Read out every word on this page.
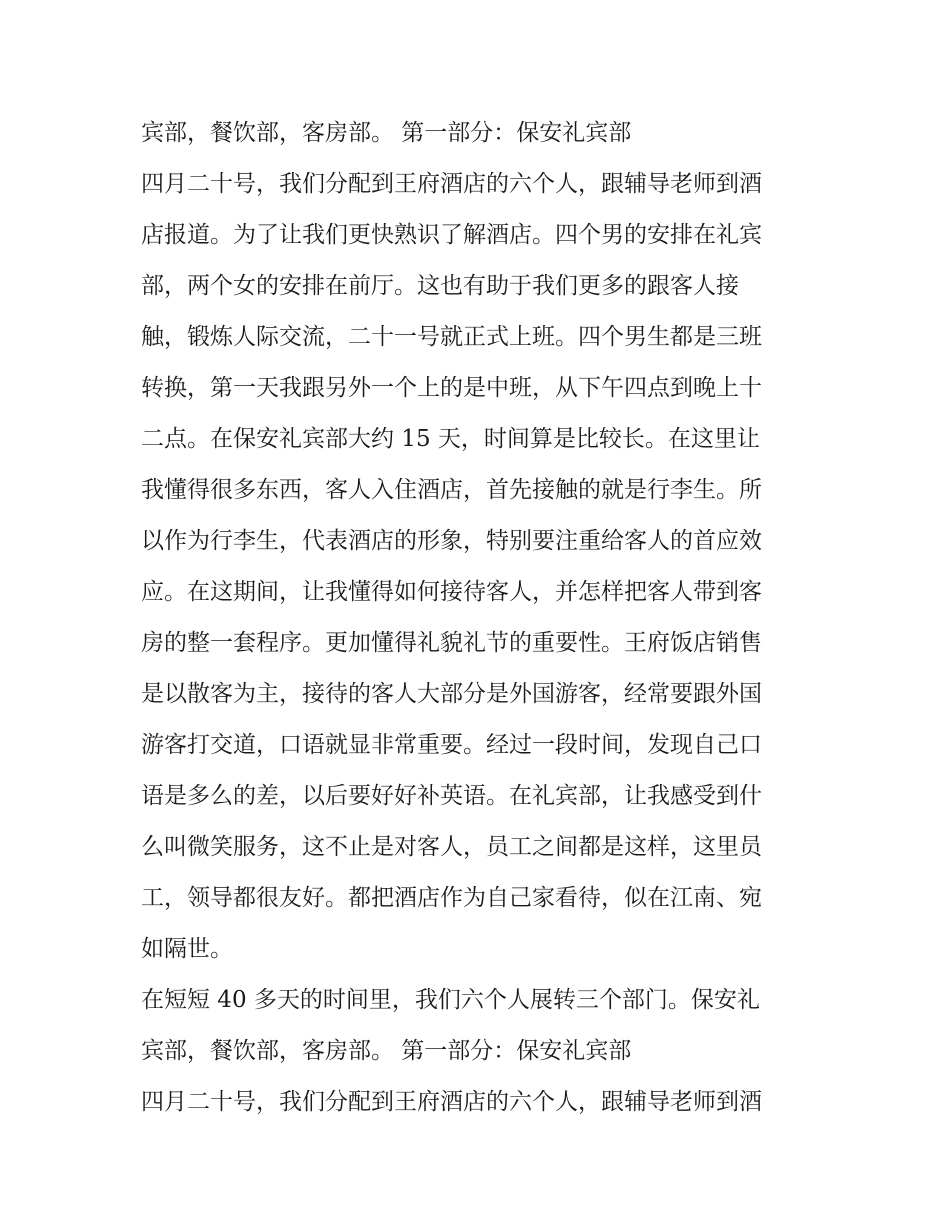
宾部，餐饮部，客房部。 第一部分：保安礼宾部
四月二十号，我们分配到王府酒店的六个人，跟辅导老师到酒
店报道。为了让我们更快熟识了解酒店。四个男的安排在礼宾
部，两个女的安排在前厅。这也有助于我们更多的跟客人接
触，锻炼人际交流，二十一号就正式上班。四个男生都是三班
转换，第一天我跟另外一个上的是中班，从下午四点到晚上十
二点。在保安礼宾部大约 15 天，时间算是比较长。在这里让
我懂得很多东西，客人入住酒店，首先接触的就是行李生。所
以作为行李生，代表酒店的形象，特别要注重给客人的首应效
应。在这期间，让我懂得如何接待客人，并怎样把客人带到客
房的整一套程序。更加懂得礼貌礼节的重要性。王府饭店销售
是以散客为主，接待的客人大部分是外国游客，经常要跟外国
游客打交道，口语就显非常重要。经过一段时间，发现自己口
语是多么的差，以后要好好补英语。在礼宾部，让我感受到什
么叫微笑服务，这不止是对客人，员工之间都是这样，这里员
工，领导都很友好。都把酒店作为自己家看待，似在江南、宛
如隔世。
在短短 40 多天的时间里，我们六个人展转三个部门。保安礼
宾部，餐饮部，客房部。 第一部分：保安礼宾部
四月二十号，我们分配到王府酒店的六个人，跟辅导老师到酒
